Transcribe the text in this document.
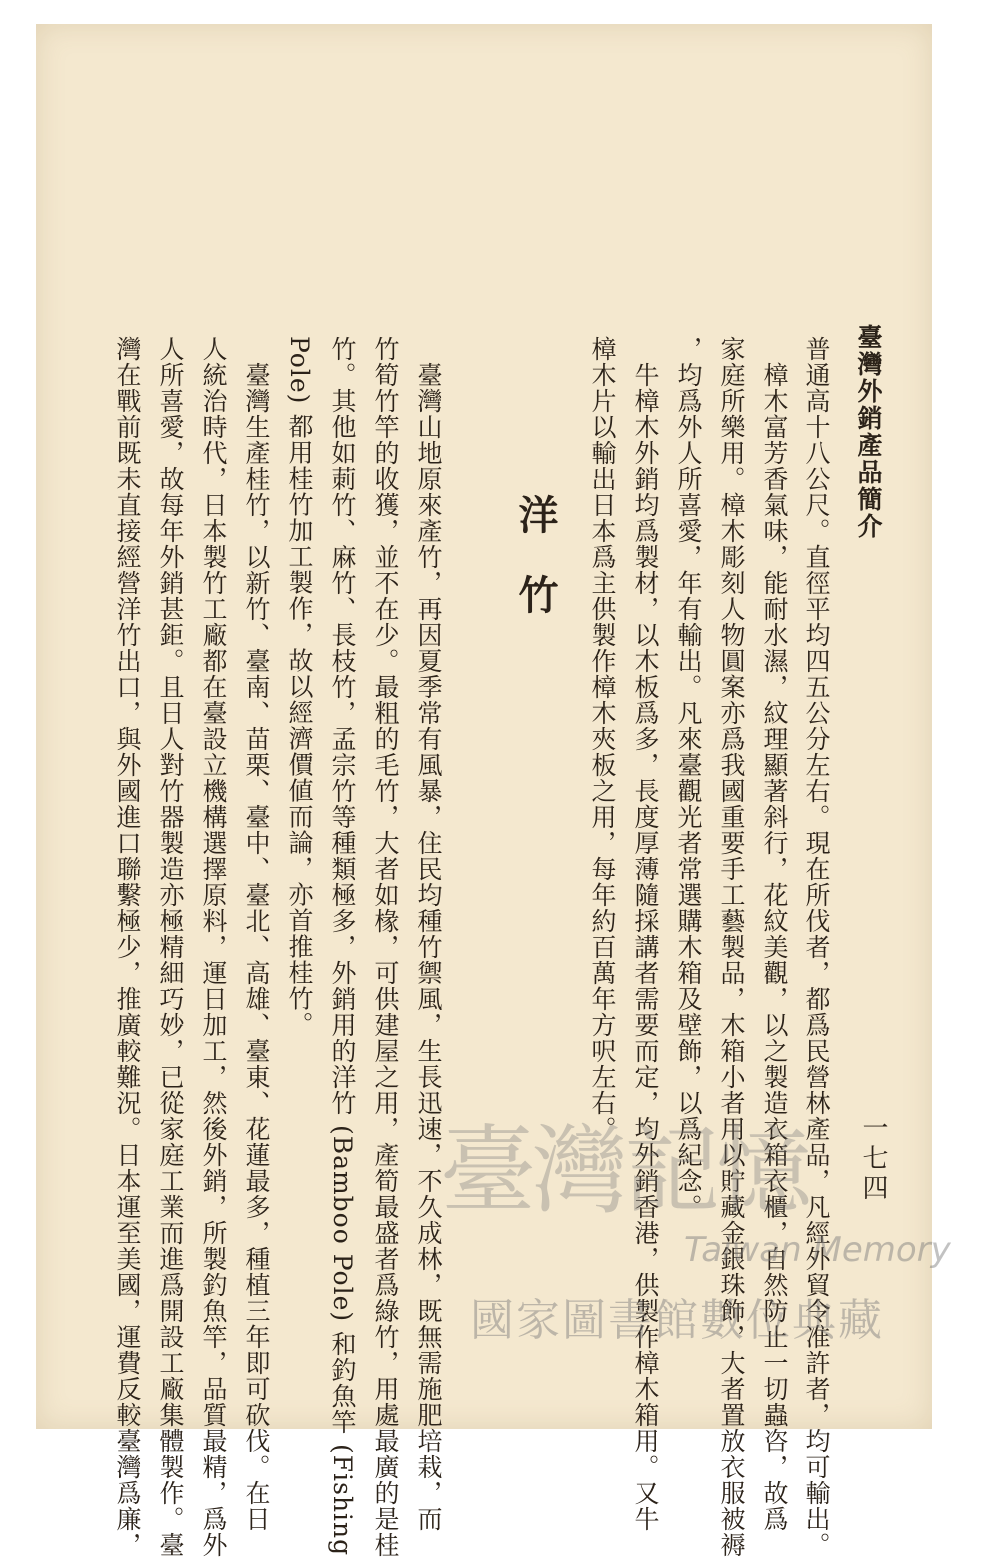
臺灣外銷產品簡介
一七四
洋竹	普通高十八公尺。直徑平均四五公分左右。現在所伐者，都爲民營林產品，凡經外貿令准許者，均可輸出。
　樟木富芳香氣味，能耐水濕，紋理顯著斜行，花紋美觀，以之製造衣箱衣櫃，自然防止一切蟲咨，故爲
家庭所樂用。樟木彫刻人物圓案亦爲我國重要手工藝製品，木箱小者用以貯藏金銀珠飾，大者置放衣服被褥
，均爲外人所喜愛，年有輸出。凡來臺觀光者常選購木箱及壁飾，以爲紀念。
　牛樟木外銷均爲製材，以木板爲多，長度厚薄隨採講者需要而定，均外銷香港，供製作樟木箱用。又牛
樟木片以輸出日本爲主供製作樟木夾板之用，每年約百萬年方呎左右。
　臺灣山地原來產竹，再因夏季常有風暴，住民均種竹禦風，生長迅速，不久成林，既無需施肥培栽，而
竹筍竹竿的收獲，並不在少。最粗的毛竹，大者如椽，可供建屋之用，產筍最盛者爲綠竹，用處最廣的是桂
竹。其他如莿竹、麻竹、長枝竹，孟宗竹等種類極多，外銷用的洋竹 (Bamboo Pole) 和釣魚竿 (Fishing
Pole) 都用桂竹加工製作，故以經濟價値而論，亦首推桂竹。
　臺灣生產桂竹，以新竹、臺南、苗栗、臺中、臺北、高雄、臺東、花蓮最多，種植三年即可砍伐。在日
人統治時代，日本製竹工廠都在臺設立機構選擇原料，運日加工，然後外銷，所製釣魚竿，品質最精，爲外
人所喜愛，故每年外銷甚鉅。且日人對竹器製造亦極精細巧妙，已從家庭工業而進爲開設工廠集體製作。臺
灣在戰前既未直接經營洋竹出口，與外國進口聯繫極少，推廣較難況。日本運至美國，運費反較臺灣爲廉，	臺灣記憶
Taiwan Memory
國家圖書館數位典藏
